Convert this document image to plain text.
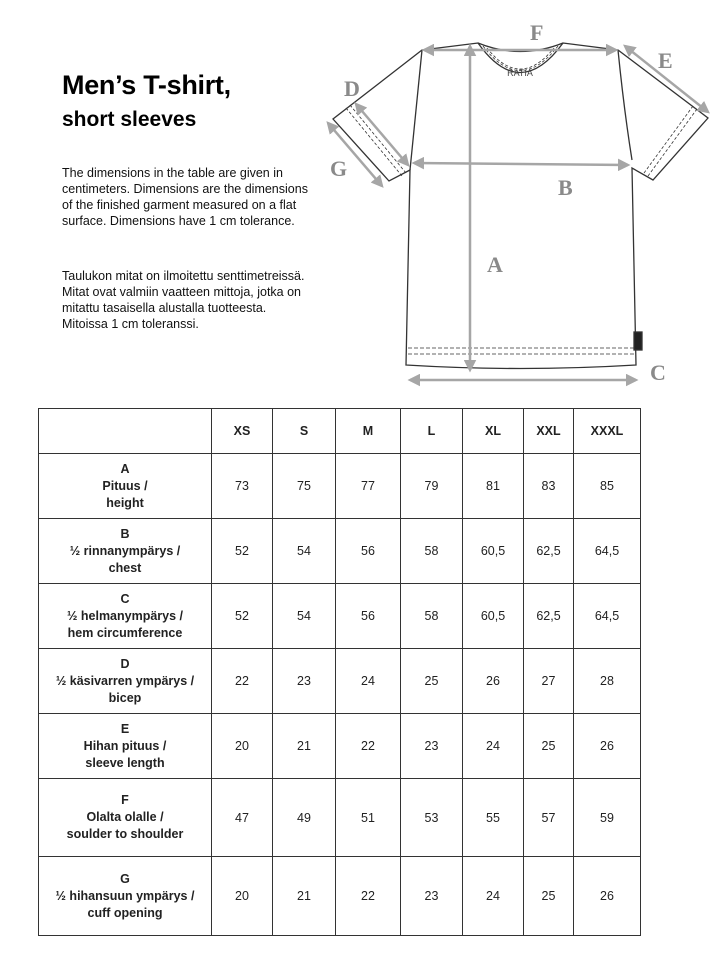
Men’s T-shirt,
short sleeves
The dimensions in the table are given in centimeters. Dimensions are the dimensions of the finished garment measured on a flat surface. Dimensions have 1 cm tolerance.
Taulukon mitat on ilmoitettu senttimetreissä. Mitat ovat valmiin vaatteen mittoja, jotka on mitattu tasaisella alustalla tuotteesta. Mitoissa 1 cm toleranssi.
RATIA
F
E
D
G
B
A
C
	XS	S	M	L	XL	XXL	XXXL

A
Pituus /
height	73	75	77	79	81	83	85

B
½ rinnanympärys /
chest	52	54	56	58	60,5	62,5	64,5

C
½ helmanympärys /
hem circumference	52	54	56	58	60,5	62,5	64,5

D
½ käsivarren ympärys /
bicep	22	23	24	25	26	27	28

E
Hihan pituus /
sleeve length	20	21	22	23	24	25	26

F
Olalta olalle /
soulder to shoulder	47	49	51	53	55	57	59

G
½ hihansuun ympärys /
cuff opening	20	21	22	23	24	25	26
